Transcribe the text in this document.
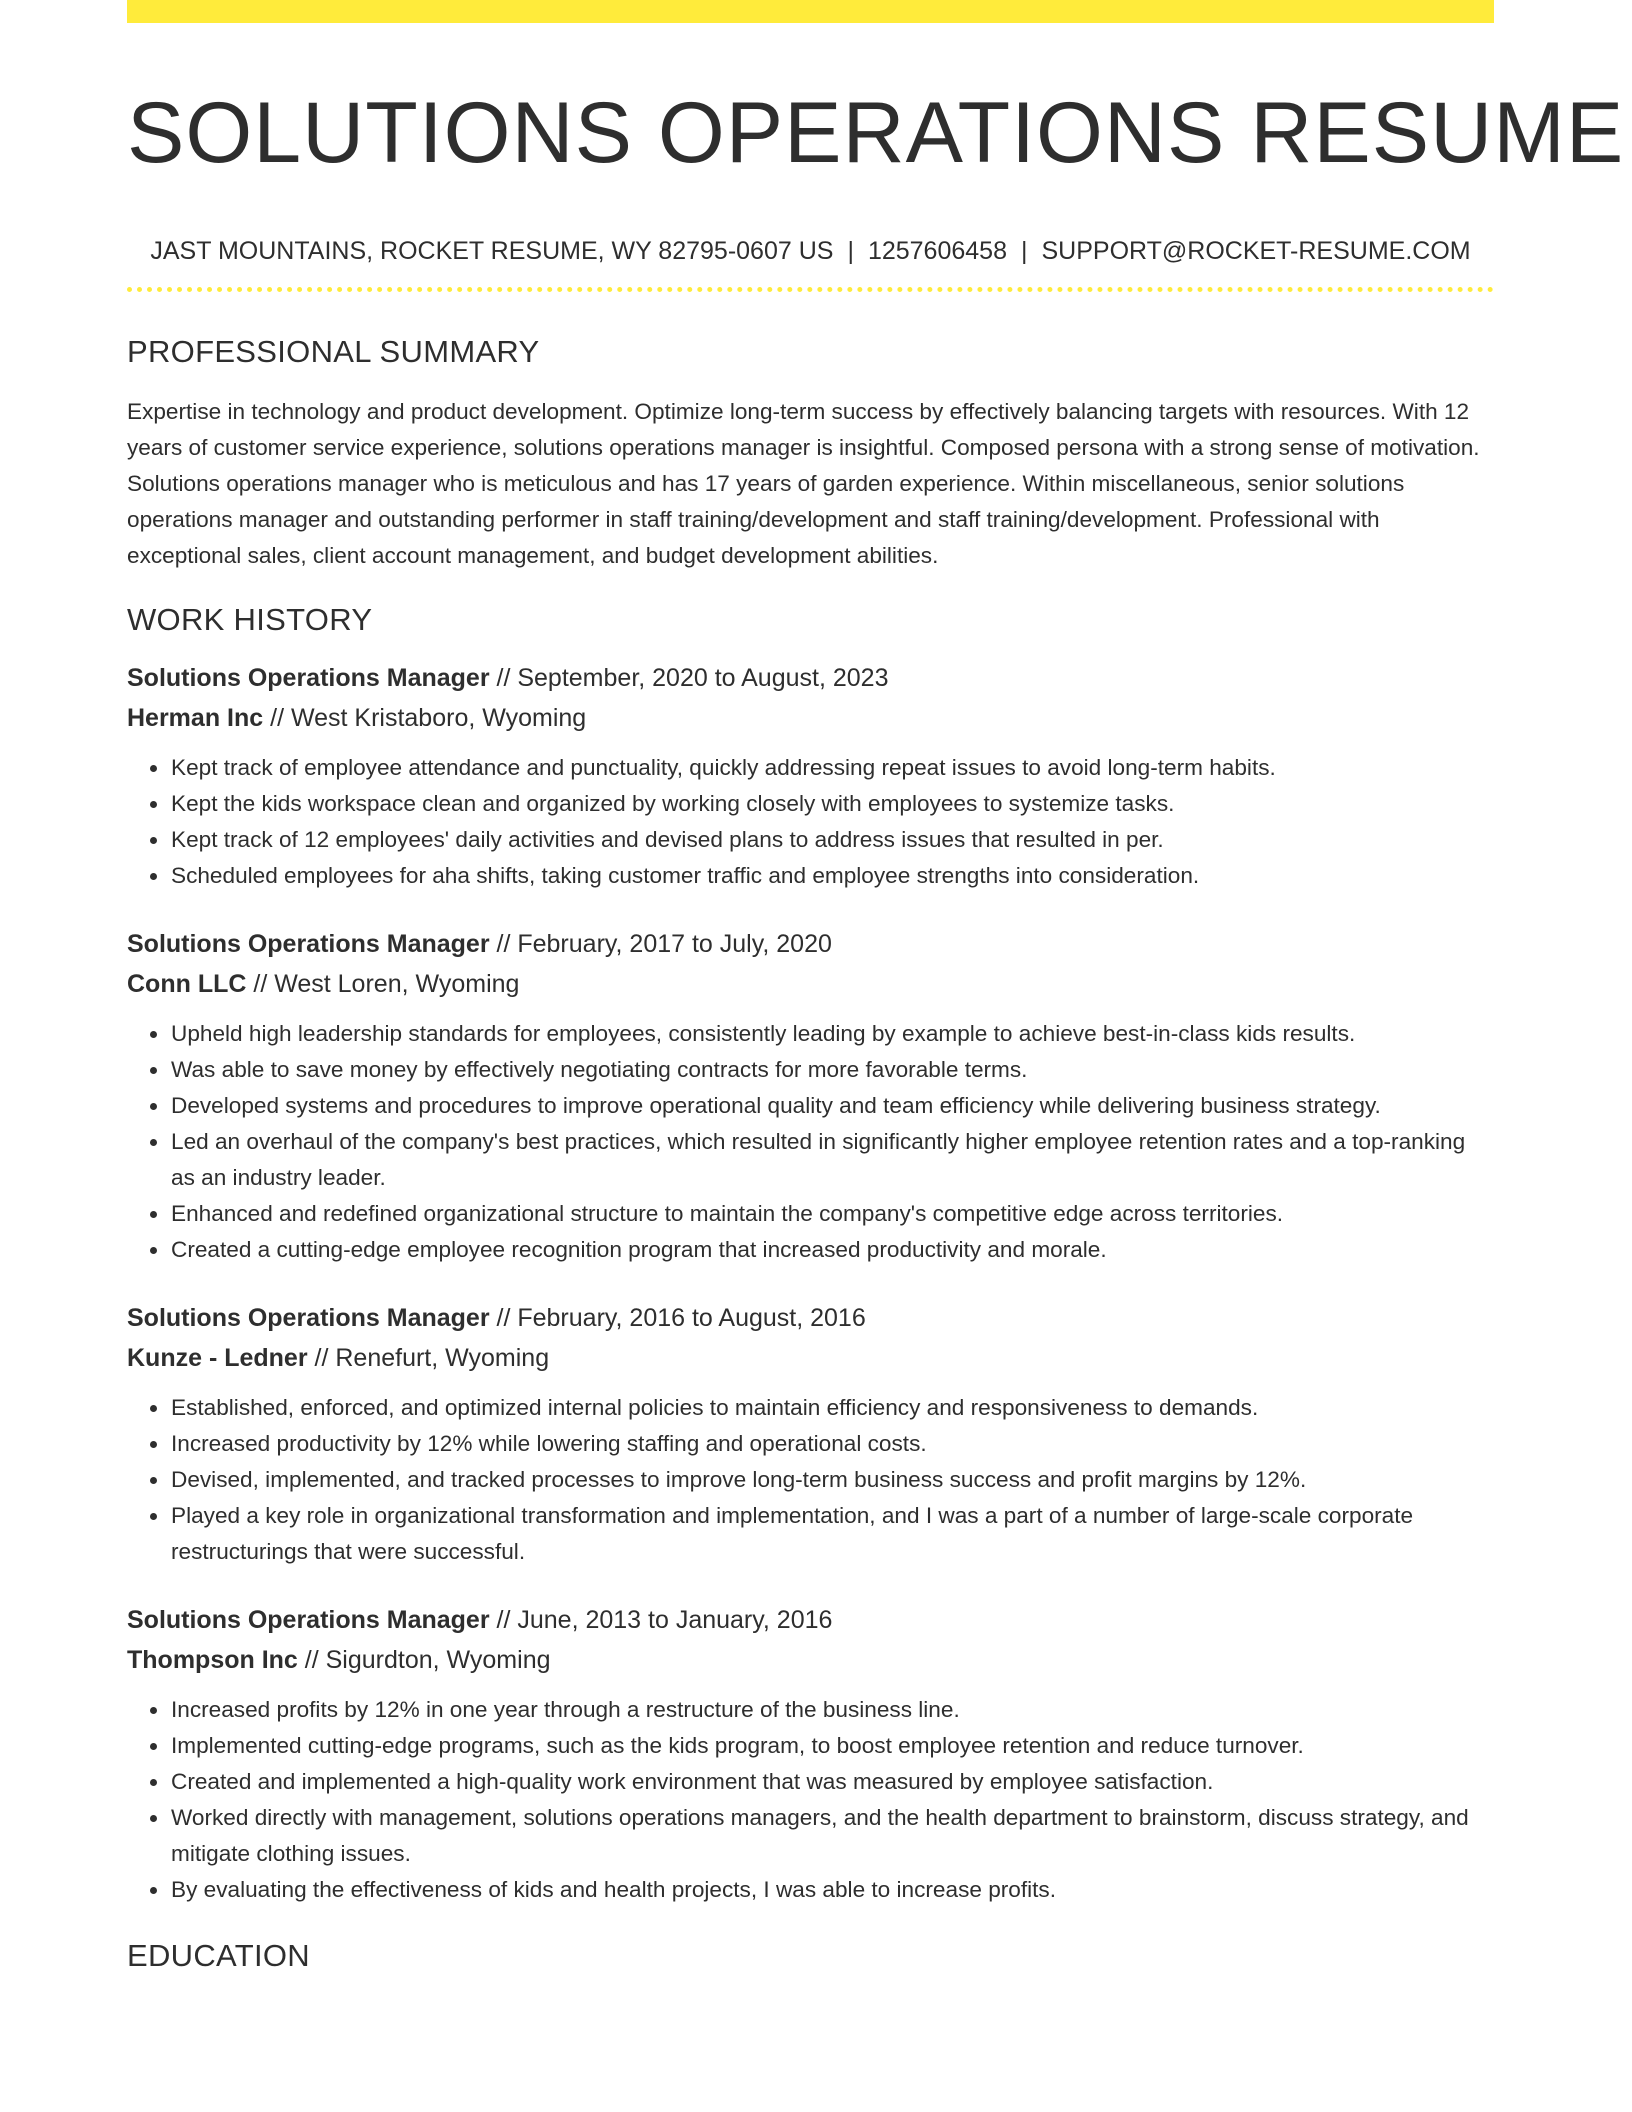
SOLUTIONS OPERATIONS RESUME
JAST MOUNTAINS, ROCKET RESUME, WY 82795-0607 US | 1257606458 | SUPPORT@ROCKET-RESUME.COM
PROFESSIONAL SUMMARY

Expertise in technology and product development. Optimize long-term success by effectively balancing targets with resources. With 12 years of customer service experience, solutions operations manager is insightful. Composed persona with a strong sense of motivation. Solutions operations manager who is meticulous and has 17 years of garden experience. Within miscellaneous, senior solutions operations manager and outstanding performer in staff training/development and staff training/development. Professional with exceptional sales, client account management, and budget development abilities.

WORK HISTORY
Solutions Operations Manager // September, 2020 to August, 2023
Herman Inc // West Kristaboro, Wyoming
• Kept track of employee attendance and punctuality, quickly addressing repeat issues to avoid long-term habits.
• Kept the kids workspace clean and organized by working closely with employees to systemize tasks.
• Kept track of 12 employees' daily activities and devised plans to address issues that resulted in per.
• Scheduled employees for aha shifts, taking customer traffic and employee strengths into consideration.
Solutions Operations Manager // February, 2017 to July, 2020
Conn LLC // West Loren, Wyoming
• Upheld high leadership standards for employees, consistently leading by example to achieve best-in-class kids results.
• Was able to save money by effectively negotiating contracts for more favorable terms.
• Developed systems and procedures to improve operational quality and team efficiency while delivering business strategy.
• Led an overhaul of the company's best practices, which resulted in significantly higher employee retention rates and a top-ranking as an industry leader.
• Enhanced and redefined organizational structure to maintain the company's competitive edge across territories.
• Created a cutting-edge employee recognition program that increased productivity and morale.
Solutions Operations Manager // February, 2016 to August, 2016
Kunze - Ledner // Renefurt, Wyoming
• Established, enforced, and optimized internal policies to maintain efficiency and responsiveness to demands.
• Increased productivity by 12% while lowering staffing and operational costs.
• Devised, implemented, and tracked processes to improve long-term business success and profit margins by 12%.
• Played a key role in organizational transformation and implementation, and I was a part of a number of large-scale corporate restructurings that were successful.
Solutions Operations Manager // June, 2013 to January, 2016
Thompson Inc // Sigurdton, Wyoming
• Increased profits by 12% in one year through a restructure of the business line.
• Implemented cutting-edge programs, such as the kids program, to boost employee retention and reduce turnover.
• Created and implemented a high-quality work environment that was measured by employee satisfaction.
• Worked directly with management, solutions operations managers, and the health department to brainstorm, discuss strategy, and mitigate clothing issues.
• By evaluating the effectiveness of kids and health projects, I was able to increase profits.
EDUCATION
